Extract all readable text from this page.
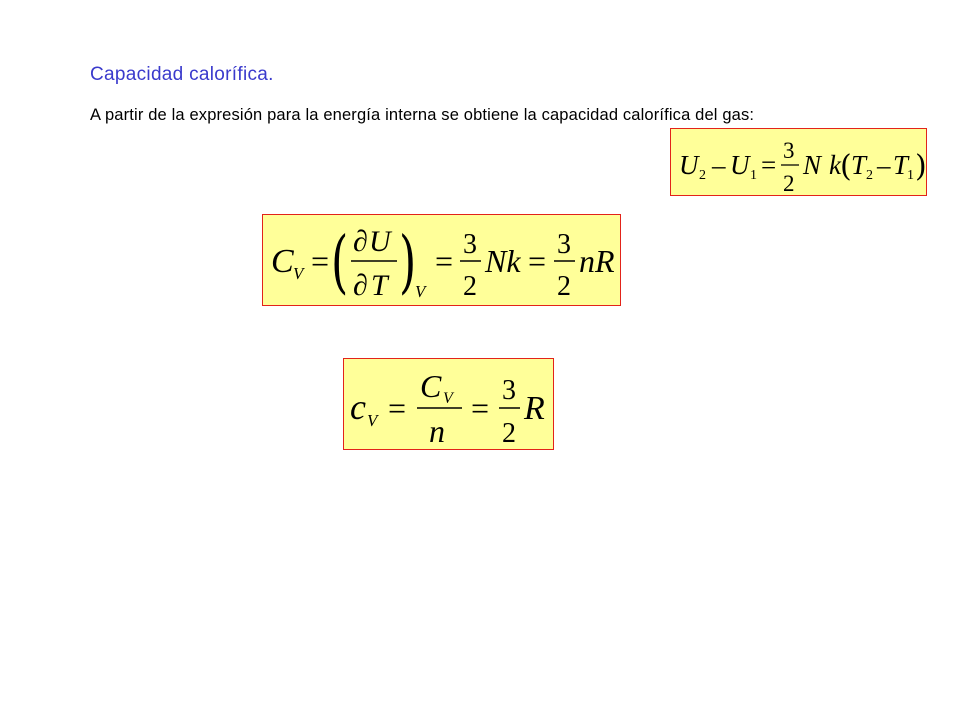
Capacidad calorífica.
A partir de la expresión para la energía interna se obtiene la capacidad calorífica del gas:
U 2 – U 1 = 3
2
N k ( T 2 – T
1 )
C V = ( ∂ U
∂ T )
V
= 3
2
Nk = 3
2
nR
c V =
C V
n
= 3
2
R
